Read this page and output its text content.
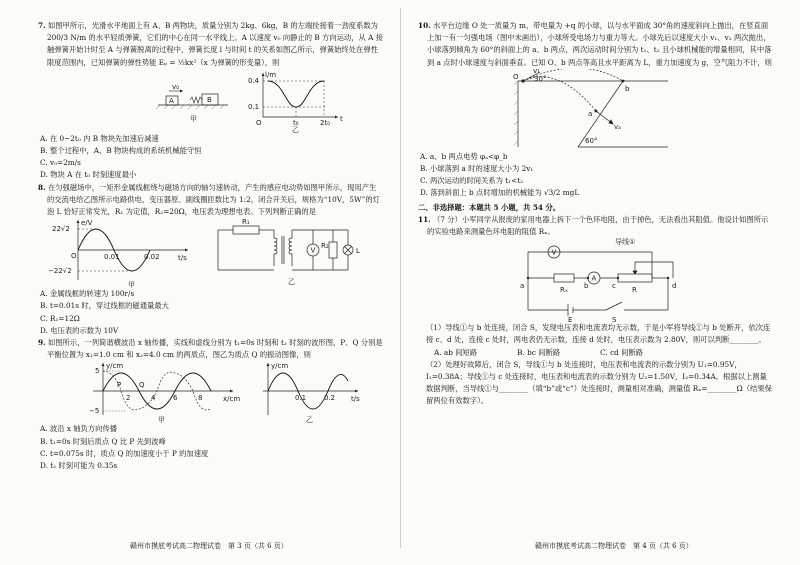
7. 如图甲所示，光滑水平地面上有 A、B 两物块，质量分别为 2kg、6kg，B 的左端拴接着一劲度系数为 200/3 N/m 的水平轻质弹簧，它们的中心在同一水平线上。A 以速度 v₀ 向静止的 B 方向运动，从 A 接触弹簧开始计时至 A 与弹簧脱离的过程中，弹簧长度 l 与时间 t 的关系如图乙所示，弹簧始终处在弹性限度范围内，已知弹簧的弹性势能 Eₚ = ½kx²（x 为弹簧的形变量），则
A
v₀
B
甲
l/m
0.4
0.1
O	t₀	2t₀ t
乙
A. 在 0~2t₀ 内 B 物块先加速后减速
B. 整个过程中，A、B 物块构成的系统机械能守恒
C. v₀=2m/s
D. 物块 A 在 t₀ 时刻速度最小
8. 在匀强磁场中，一矩形金属线框绕与磁场方向的轴匀速转动，产生的感应电动势如图甲所示，现用产生的交流电给乙图所示电路供电，变压器原、副线圈匝数比为 1:2，闭合开关后，规格为“10V，5W”的灯泡 L 恰好正常发光，R₁ 为定值，R₂=20Ω，电压表为理想电表。下列判断正确的是
e/V
22√2
−22√2
O	0.01	0.02	t/s
甲
R₁
V
R₂
L
乙
A. 金属线框的转速为 100r/s
B. t=0.01s 时，穿过线框的磁通量最大
C. R₁=12Ω
D. 电压表的示数为 10V
9. 如图所示，一列简谐横波沿 x 轴传播，实线和虚线分别为 t₁=0s 时刻和 t₂ 时刻的波形图，P、Q 分别是平衡位置为 x₁=1.0 cm 和 x₂=4.0 cm 的两质点，图乙为质点 Q 的振动图像，则
y/cm
5
−5
P	Q
2	4	6	8	x/cm
甲
y/cm
0.1	0.2 t/s
乙
A. 波沿 x 轴负方向传播
B. t₁=0s 时刻后质点 Q 比 P 先到波峰
C. t=0.075s 时，质点 Q 的加速度小于 P 的加速度
D. t₂ 时刻可能为 0.35s
赣州市摸底考试高二物理试卷　第 3 页（共 6 页）
10. 水平台边缘 O 处一质量为 m、带电量为 +q 的小球，以与水平面成 30°角的速度斜向上抛出，在竖直面上加一有一匀强电场（图中未画出），小球所受电场力与重力等大。小球先后以速度大小 v₁、v₂ 两次抛出，小球落到倾角为 60°的斜面上的 a、b 两点，两次运动时间分别为 t₁、t₂ 且小球机械能的增量相同，其中落到 a 点时小球速度与斜面垂直。已知 O、b 两点等高且水平距离为 L，重力加速度为 g，空气阻力不计，则
v₁
O 30°
a
b
vₐ
60°
A. a、b 两点电势 φₐ<φ_b
B. 小球落到 a 时的速度大小为 2v₁
C. 两次运动的时间关系为 t₁<t₂
D. 落到斜面上 b 点时增加的机械能为 √3/2 mgL
二、非选择题：本题共 5 小题，共 54 分。
11. （7 分）小军同学从报废的家用电器上拆下一个色环电阻，由于掉色，无法看出其阻值。他设计如图所示的实验电路来测量色环电阻的阻值 Rₓ。
导线①
V
A
Rₓ	R
a	b	c	d
E	S
（1）导线①与 b 处连接，闭合 S，发现电压表和电流表均无示数，于是小军将导线①与 b 处断开，依次连接 c、d 处，连接 c 处时，两电表仍无示数，连接 d 处时，电压表示数为 2.80V，则可以判断________。
A. ab 间短路	B. bc 间断路	C. cd 间断路
（2）处理好故障后，闭合 S，导线①与 b 处连接时，电压表和电流表的示数分别为 U₁=0.95V，I₁=0.38A；导线①与 c 处连接时，电压表和电流表的示数分别为 U₂=1.50V，I₂=0.34A。根据以上测量数据判断，当导线①与________（填“b”或“c”）处连接时，测量相对准确，测量值 Rₓ=________Ω（结果保留两位有效数字）。
赣州市摸底考试高二物理试卷　第 4 页（共 6 页）
